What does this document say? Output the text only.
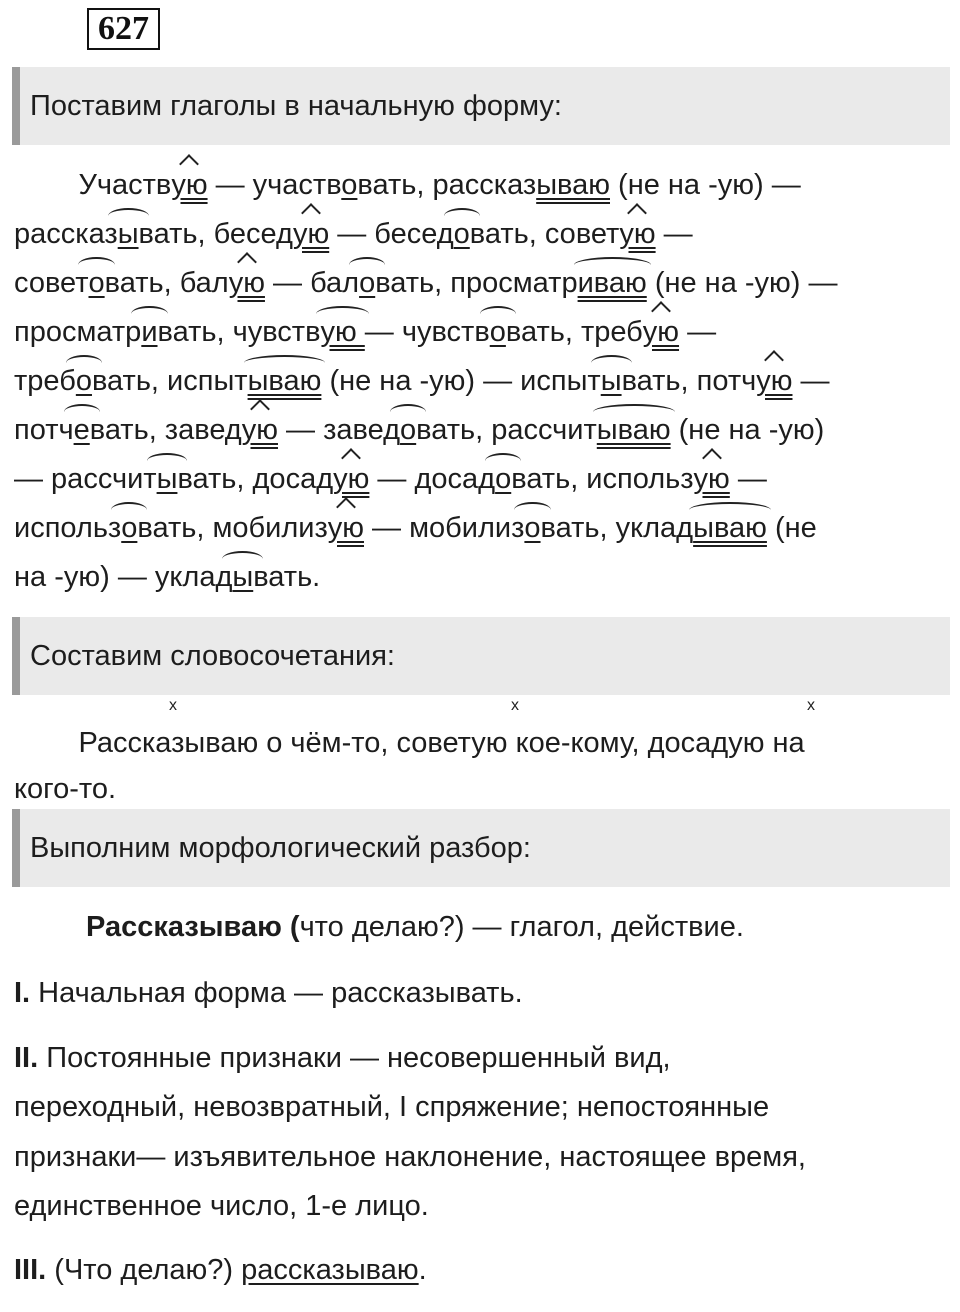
627
Поставим глаголы в начальную форму:
Участвую — участвовать, рассказываю (не на -ую) —
рассказывать, беседую — беседовать, советую —
советовать, балую — баловать, просматриваю (не на -ую) —
просматривать, чувствую — чувствовать, требую —
требовать, испытываю (не на -ую) — испытывать, потчую —
потчевать, заведую — заведовать, рассчитываю (не на -ую)
— рассчитывать, досадую — досадовать, использую —
использовать, мобилизую — мобилизовать, укладываю (не
на -ую) — укладывать.
Составим словосочетания:
x	x	x
Рассказываю о чём-то, советую кое-кому, досадую на
кого-то.
Выполним морфологический разбор:
Рассказываю (что делаю?) — глагол, действие.
I. Начальная форма — рассказывать.
II. Постоянные признаки — несовершенный вид,
переходный, невозвратный, I спряжение; непостоянные
признаки— изъявительное наклонение, настоящее время,
единственное число, 1-е лицо.
III. (Что делаю?) рассказываю.
